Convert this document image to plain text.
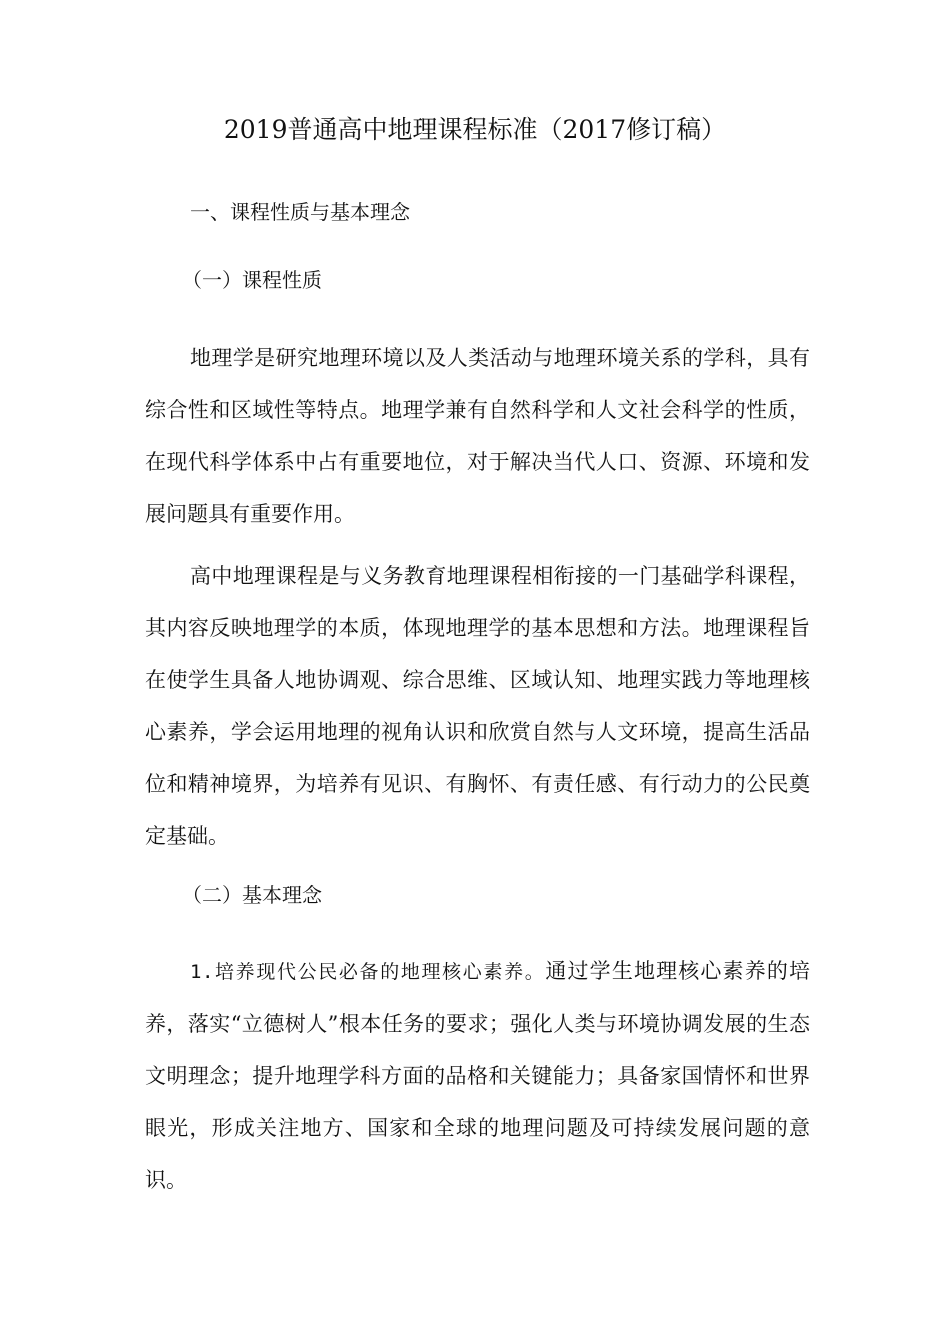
2019普通高中地理课程标准（2017修订稿）
一、课程性质与基本理念
（一）课程性质

地理学是研究地理环境以及人类活动与地理环境关系的学科，具有综合性和区域性等特点。地理学兼有自然科学和人文社会科学的性质，在现代科学体系中占有重要地位，对于解决当代人口、资源、环境和发展问题具有重要作用。

高中地理课程是与义务教育地理课程相衔接的一门基础学科课程，其内容反映地理学的本质，体现地理学的基本思想和方法。地理课程旨在使学生具备人地协调观、综合思维、区域认知、地理实践力等地理核心素养，学会运用地理的视角认识和欣赏自然与人文环境，提高生活品位和精神境界，为培养有见识、有胸怀、有责任感、有行动力的公民奠定基础。

（二）基本理念

1.培养现代公民必备的地理核心素养。通过学生地理核心素养的培养，落实“立德树人”根本任务的要求；强化人类与环境协调发展的生态文明理念；提升地理学科方面的品格和关键能力；具备家国情怀和世界眼光，形成关注地方、国家和全球的地理问题及可持续发展问题的意识。
